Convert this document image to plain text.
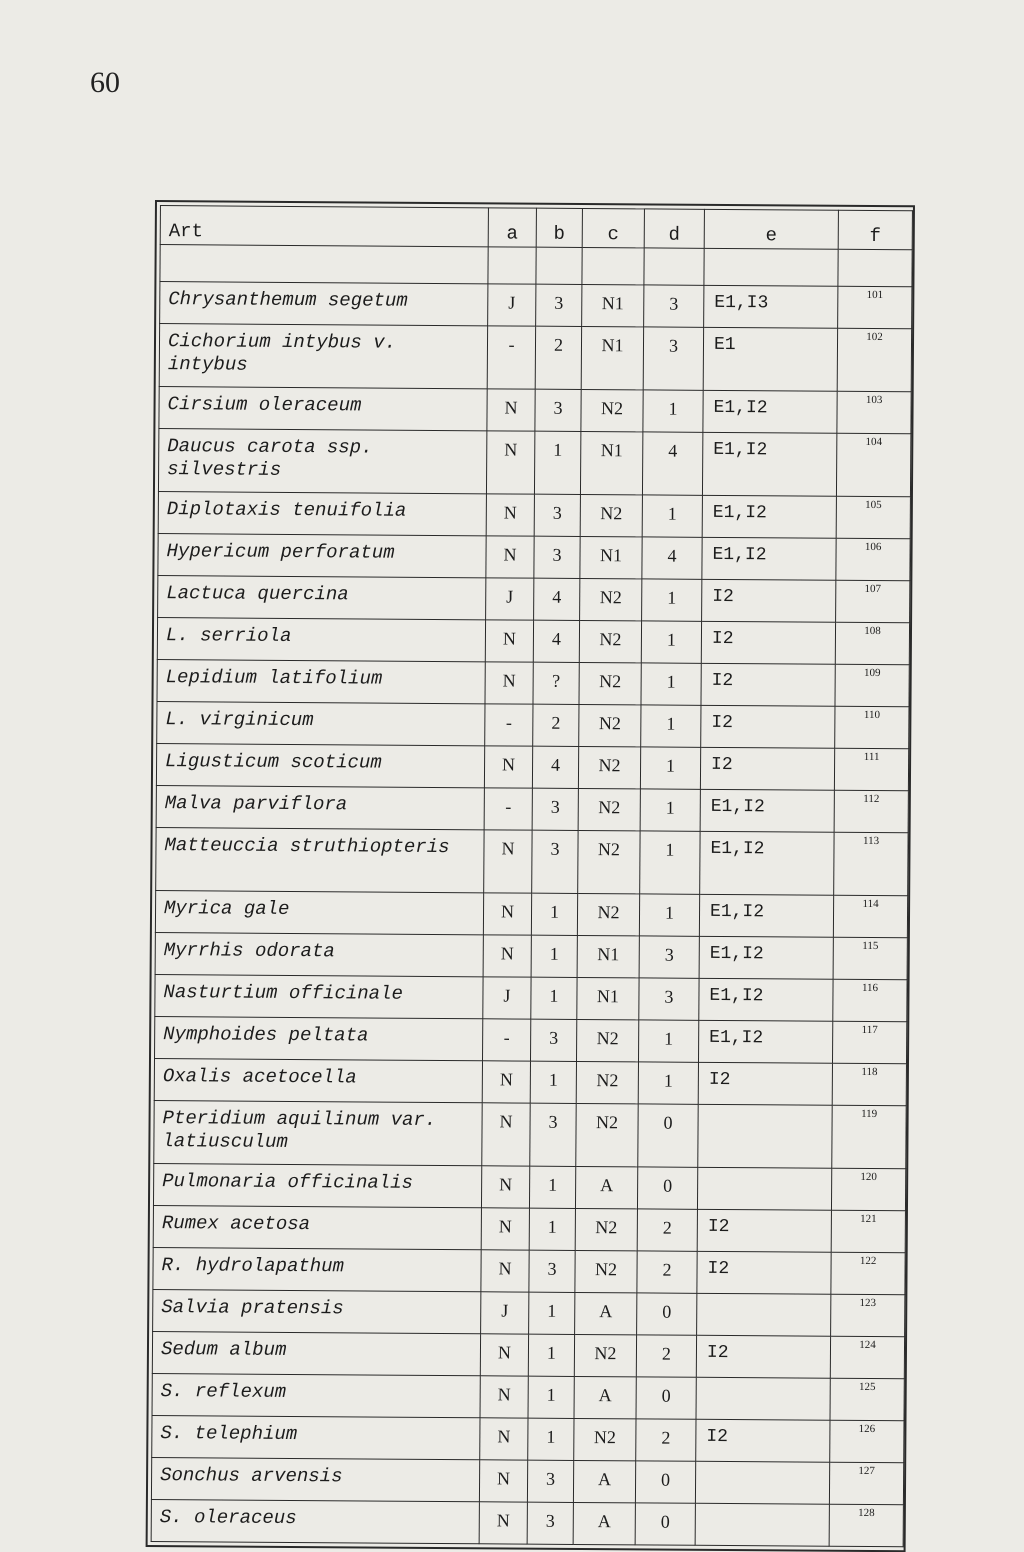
60
Art	a	b	c	d	e	f

Chrysanthemum segetum	J	3	N1	3	E1,I3	101
Cichorium intybus v. intybus	-	2	N1	3	E1	102
Cirsium oleraceum	N	3	N2	1	E1,I2	103
Daucus carota ssp. silvestris	N	1	N1	4	E1,I2	104
Diplotaxis tenuifolia	N	3	N2	1	E1,I2	105
Hypericum perforatum	N	3	N1	4	E1,I2	106
Lactuca quercina	J	4	N2	1	I2	107
L. serriola	N	4	N2	1	I2	108
Lepidium latifolium	N	?	N2	1	I2	109
L. virginicum	-	2	N2	1	I2	110
Ligusticum scoticum	N	4	N2	1	I2	111
Malva parviflora	-	3	N2	1	E1,I2	112
Matteuccia struthiopteris	N	3	N2	1	E1,I2	113
Myrica gale	N	1	N2	1	E1,I2	114
Myrrhis odorata	N	1	N1	3	E1,I2	115
Nasturtium officinale	J	1	N1	3	E1,I2	116
Nymphoides peltata	-	3	N2	1	E1,I2	117
Oxalis acetocella	N	1	N2	1	I2	118
Pteridium aquilinum var. latiusculum	N	3	N2	0		119
Pulmonaria officinalis	N	1	A	0		120
Rumex acetosa	N	1	N2	2	I2	121
R. hydrolapathum	N	3	N2	2	I2	122
Salvia pratensis	J	1	A	0		123
Sedum album	N	1	N2	2	I2	124
S. reflexum	N	1	A	0		125
S. telephium	N	1	N2	2	I2	126
Sonchus arvensis	N	3	A	0		127
S. oleraceus	N	3	A	0		128
